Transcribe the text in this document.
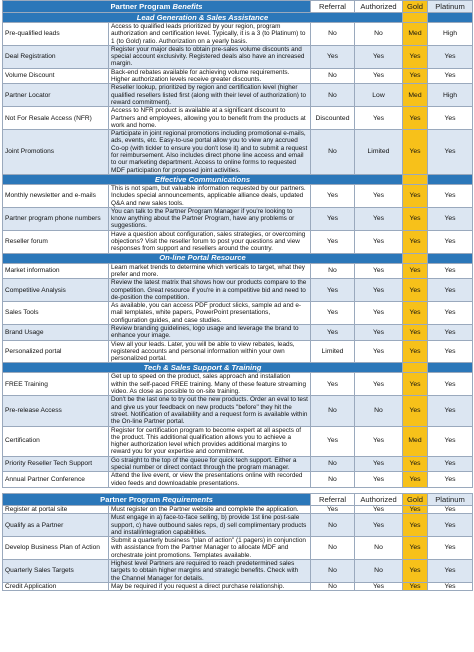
Partner Program Benefits		Referral	Authorized	Gold	Platinum
Lead Generation & Sales Assistance					
Pre-qualified leads	Access to qualified leads prioritized by your region, program authorization and certification level. Typically, it is a 3 (to Platinum) to 1 (to Gold) ratio. Authorization on a yearly basis.	No	No	Med	High
Deal Registration	Register your major deals to obtain pre-sales volume discounts and special account exclusivity. Registered deals also have an increased margin.	Yes	Yes	Yes	Yes
Volume Discount	Back-end rebates available for achieving volume requirements. Higher authorization levels receive greater discounts.	No	Yes	Yes	Yes
Partner Locator	Reseller lookup, prioritized by region and certification level (higher qualified resellers listed first (along with their level of authorization) to reward commitment).	No	Low	Med	High
Not For Resale Access (NFR)	Access to NFR product is available at a significant discount to Partners and employees, allowing you to benefit from the products at work and home.	Discounted	Yes	Yes	Yes
Joint Promotions	Participate in joint regional promotions including promotional e-mails, ads, events, etc. Easy-to-use portal allow you to view any accrued Co-op (with tickler to ensure you don't lose it) and to submit a request for reimbursement. Also includes direct phone line access and email to our marketing department. Access to online forms to requested MDF participation for proposed joint activities.	No	Limited	Yes	Yes
Effective Communications					
Monthly newsletter and e-mails	This is not spam, but valuable information requested by our partners. Includes special announcements, applicable alliance deals, updated Q&A and new sales tools.	Yes	Yes	Yes	Yes
Partner program phone numbers	You can talk to the Partner Program Manager if you're looking to know anything about the Partner Program, have any problems or suggestions.	Yes	Yes	Yes	Yes
Reseller forum	Have a question about configuration, sales strategies, or overcoming objections? Visit the reseller forum to post your questions and view responses from support and resellers around the country.	Yes	Yes	Yes	Yes
On-line Portal Resource					
Market information	Learn market trends to determine which verticals to target, what they prefer and more.	No	Yes	Yes	Yes
Competitive Analysis	Review the latest matrix that shows how our products compare to the competition. Great resource if you're in a competitive bid and need to de-position the competition.	Yes	Yes	Yes	Yes
Sales Tools	As available, you can access PDF product slicks, sample ad and e-mail templates, white papers, PowerPoint presentations, configuration guides, and case studies.	Yes	Yes	Yes	Yes
Brand Usage	Review branding guidelines, logo usage and leverage the brand to enhance your image.	Yes	Yes	Yes	Yes
Personalized portal	View all your leads. Later, you will be able to view rebates, leads, registered accounts and personal information within your own personalized portal.	Limited	Yes	Yes	Yes
Tech & Sales Support & Training					
FREE Training	Get up to speed on the product, sales approach and installation within the self-paced FREE training. Many of these feature streaming video. As close as possible to on-site training.	Yes	Yes	Yes	Yes
Pre-release Access	Don't be the last one to try out the new products. Order an eval to test and give us your feedback on new products "before" they hit the street. Notification of availability and a request form is available within the On-line Partner portal.	No	No	Yes	Yes
Certification	Register for certification program to become expert at all aspects of the product. This additional qualification allows you to achieve a higher authorization level which provides additional margins to reward you for your expertise and commitment.	Yes	Yes	Med	Yes
Priority Reseller Tech Support	Go straight to the top of the queue for quick tech support. Either a special number or direct contact through the program manager.	No	Yes	Yes	Yes
Annual Partner Conference	Attend the live event, or view the presentations online with recorded video feeds and downloadable presentations.	No	Yes	Yes	Yes
Partner Program Requirements		Referral	Authorized	Gold	Platinum
Register at portal site	Must register on the Partner website and complete the application.	Yes	Yes	Yes	Yes
Qualify as a Partner	Must engage in a) face-to-face selling, b) provide 1st line post-sale support, c) have outbound sales reps, d) sell complimentary products and install/integration capabilities.	No	Yes	Yes	Yes
Develop Business Plan of Action	Submit a quarterly business "plan of action" (1 pagers) in conjunction with assistance from the Partner Manager to allocate MDF and orchestrate joint promotions. Templates available.	No	No	Yes	Yes
Quarterly Sales Targets	Highest level Partners are required to reach predetermined sales targets to obtain higher margins and strategic benefits. Check with the Channel Manager for details.	No	No	Yes	Yes
Credit Application	May be required if you request a direct purchase relationship.	No	Yes	Yes	Yes
